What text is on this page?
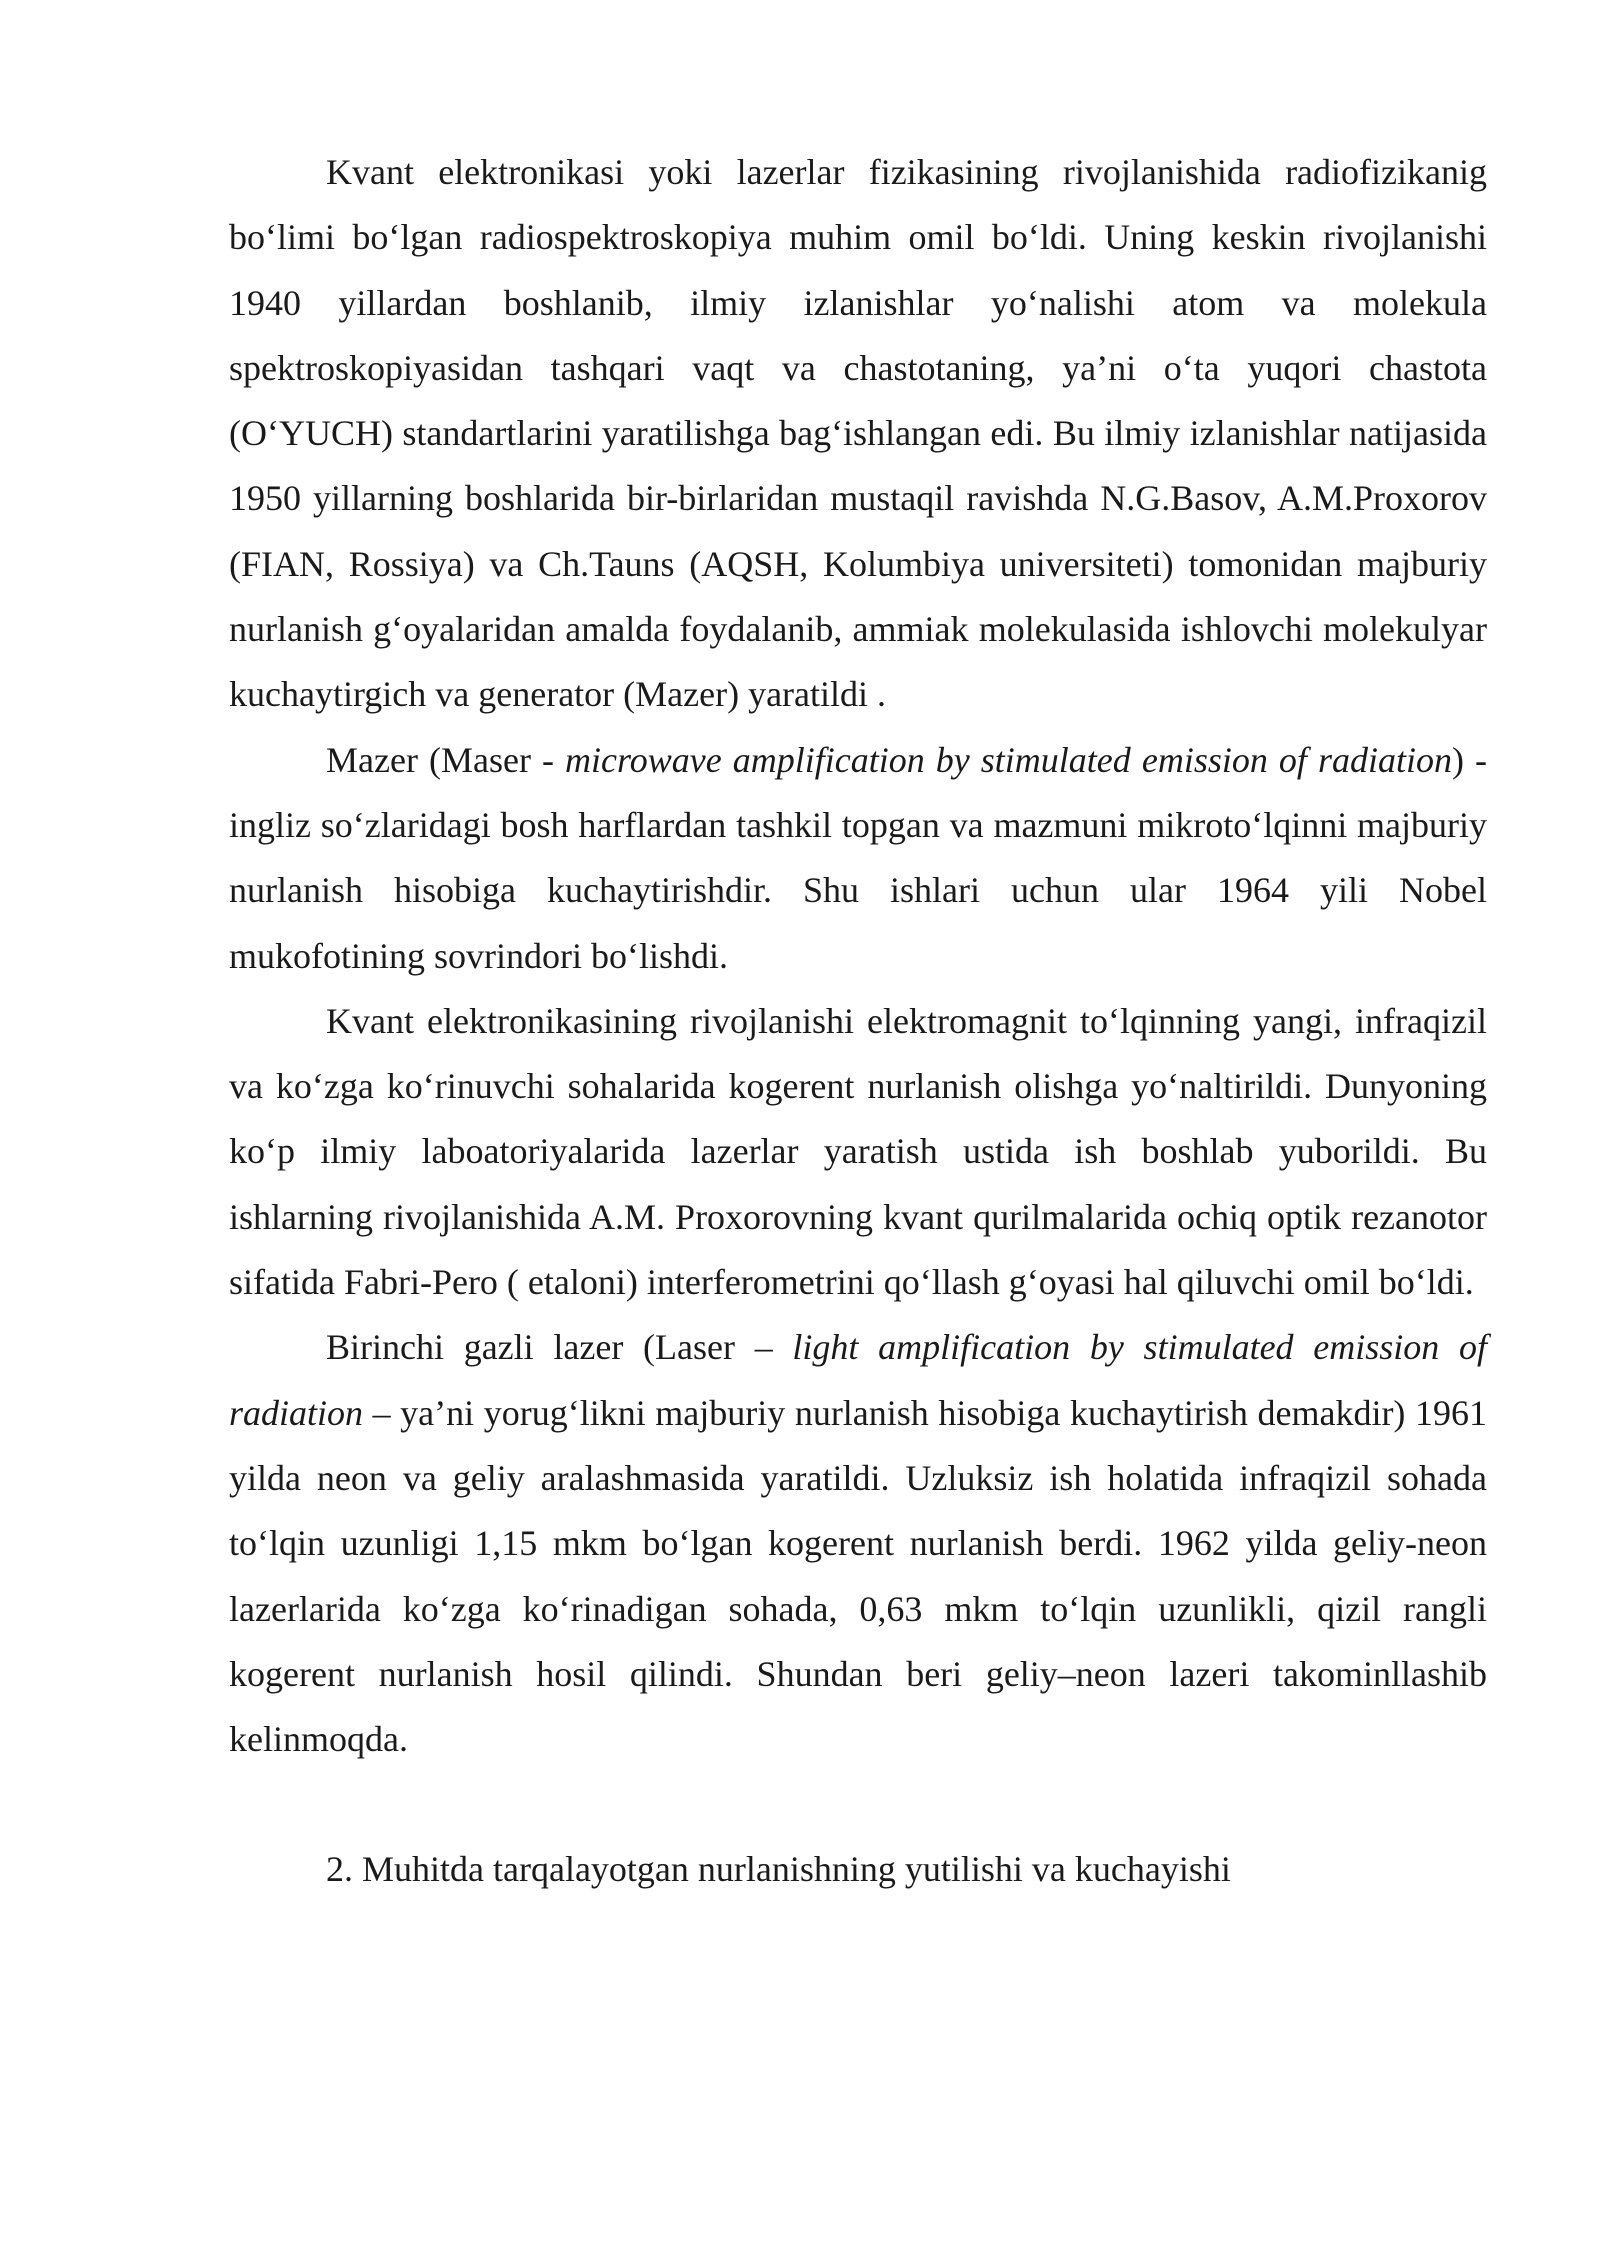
Kvant elektronikasi yoki lazerlar fizikasining rivojlanishida radiofizikanig bo‘limi bo‘lgan radiospektroskopiya muhim omil bo‘ldi. Uning keskin rivojlanishi 1940 yillardan boshlanib, ilmiy izlanishlar yo‘nalishi atom va molekula spektroskopiyasidan tashqari vaqt va chastotaning, ya’ni o‘ta yuqori chastota (O‘YUCH) standartlarini yaratilishga bag‘ishlangan edi. Bu ilmiy izlanishlar natijasida 1950 yillarning boshlarida bir-birlaridan mustaqil ravishda N.G.Basov, A.M.Proxorov (FIAN, Rossiya) va Ch.Tauns (AQSH, Kolumbiya universiteti) tomonidan majburiy nurlanish g‘oyalaridan amalda foydalanib, ammiak molekulasida ishlovchi molekulyar kuchaytirgich va generator (Mazer) yaratildi .

Mazer (Maser - microwave amplification by stimulated emission of radiation) - ingliz so‘zlaridagi bosh harflardan tashkil topgan va mazmuni mikroto‘lqinni majburiy nurlanish hisobiga kuchaytirishdir. Shu ishlari uchun ular 1964 yili Nobel mukofotining sovrindori bo‘lishdi.

Kvant elektronikasining rivojlanishi elektromagnit to‘lqinning yangi, infraqizil va ko‘zga ko‘rinuvchi sohalarida kogerent nurlanish olishga yo‘naltirildi. Dunyoning ko‘p ilmiy laboatoriyalarida lazerlar yaratish ustida ish boshlab yuborildi. Bu ishlarning rivojlanishida A.M. Proxorovning kvant qurilmalarida ochiq optik rezanotor sifatida Fabri-Pero ( etaloni) interferometrini qo‘llash g‘oyasi hal qiluvchi omil bo‘ldi.

Birinchi gazli lazer (Laser – light amplification by stimulated emission of radiation – ya’ni yorug‘likni majburiy nurlanish hisobiga kuchaytirish demakdir) 1961 yilda neon va geliy aralashmasida yaratildi. Uzluksiz ish holatida infraqizil sohada to‘lqin uzunligi 1,15 mkm bo‘lgan kogerent nurlanish berdi. 1962 yilda geliy-neon lazerlarida ko‘zga ko‘rinadigan sohada, 0,63 mkm to‘lqin uzunlikli, qizil rangli kogerent nurlanish hosil qilindi. Shundan beri geliy–neon lazeri takominllashib kelinmoqda.

2. Muhitda tarqalayotgan nurlanishning yutilishi va kuchayishi
